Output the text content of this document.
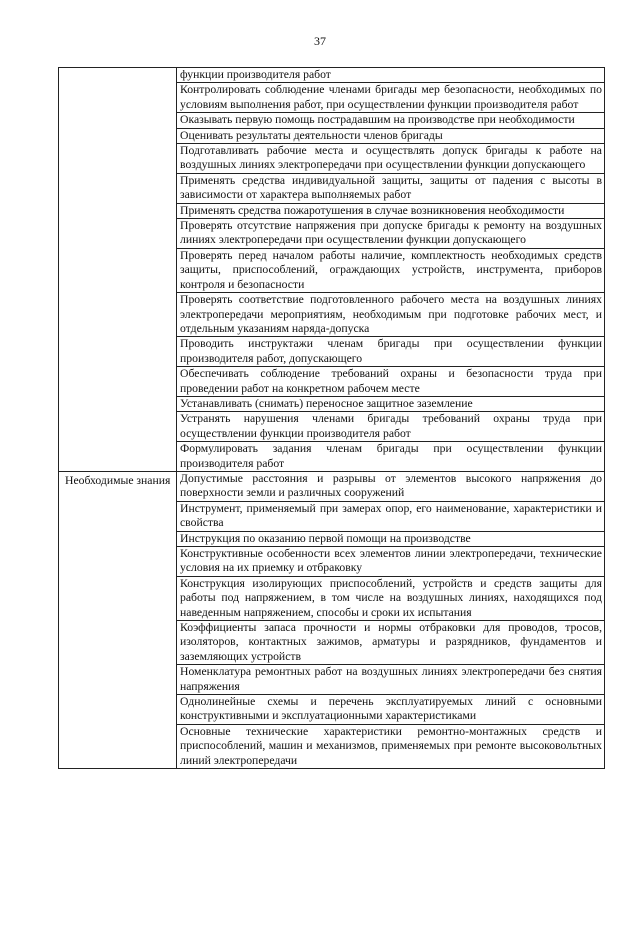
37
	функции производителя работ
	Контролировать соблюдение членами бригады мер безопасности, необходимых по условиям выполнения работ, при осуществлении функции производителя работ
	Оказывать первую помощь пострадавшим на производстве при необходимости
	Оценивать результаты деятельности членов бригады
	Подготавливать рабочие места и осуществлять допуск бригады к работе на воздушных линиях электропередачи при осуществлении функции допускающего
	Применять средства индивидуальной защиты, защиты от падения с высоты в зависимости от характера выполняемых работ
	Применять средства пожаротушения в случае возникновения необходимости
	Проверять отсутствие напряжения при допуске бригады к ремонту на воздушных линиях электропередачи при осуществлении функции допускающего
	Проверять перед началом работы наличие, комплектность необходимых средств защиты, приспособлений, ограждающих устройств, инструмента, приборов контроля и безопасности
	Проверять соответствие подготовленного рабочего места на воздушных линиях электропередачи мероприятиям, необходимым при подготовке рабочих мест, и отдельным указаниям наряда-допуска
	Проводить инструктажи членам бригады при осуществлении функции производителя работ, допускающего
	Обеспечивать соблюдение требований охраны и безопасности труда при проведении работ на конкретном рабочем месте
	Устанавливать (снимать) переносное защитное заземление
	Устранять нарушения членами бригады требований охраны труда при осуществлении функции производителя работ
	Формулировать задания членам бригады при осуществлении функции производителя работ
Необходимые знания	Допустимые расстояния и разрывы от элементов высокого напряжения до поверхности земли и различных сооружений
	Инструмент, применяемый при замерах опор, его наименование, характеристики и свойства
	Инструкция по оказанию первой помощи на производстве
	Конструктивные особенности всех элементов линии электропередачи, технические условия на их приемку и отбраковку
	Конструкция изолирующих приспособлений, устройств и средств защиты для работы под напряжением, в том числе на воздушных линиях, находящихся под наведенным напряжением, способы и сроки их испытания
	Коэффициенты запаса прочности и нормы отбраковки для проводов, тросов, изоляторов, контактных зажимов, арматуры и разрядников, фундаментов и заземляющих устройств
	Номенклатура ремонтных работ на воздушных линиях электропередачи без снятия напряжения
	Однолинейные схемы и перечень эксплуатируемых линий с основными конструктивными и эксплуатационными характеристиками
	Основные технические характеристики ремонтно-монтажных средств и приспособлений, машин и механизмов, применяемых при ремонте высоковольтных линий электропередачи
